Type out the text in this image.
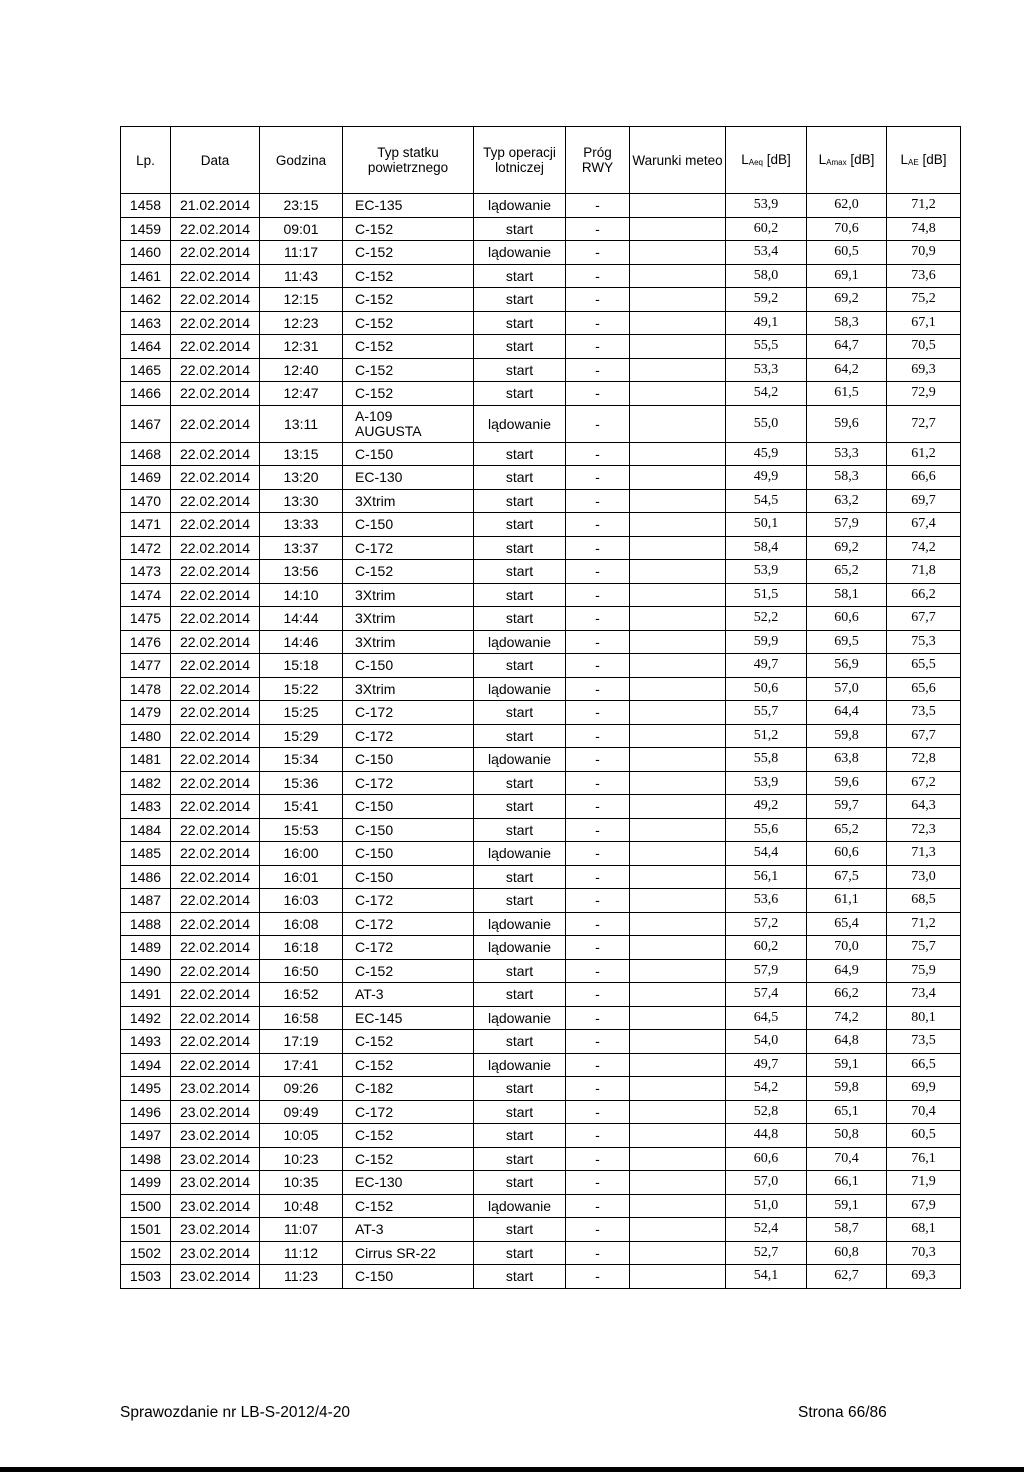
Lp.	Data	Godzina	Typ statku powietrznego	Typ operacji lotniczej	Próg RWY	Warunki meteo	$L_{Aeq}$ [dB]	$L_{Amax}$ [dB]	$L_{AE}$ [dB]
1458	21.02.2014	23:15	EC-135	lądowanie	-		53,9	62,0	71,2
1459	22.02.2014	09:01	C-152	start	-		60,2	70,6	74,8
1460	22.02.2014	11:17	C-152	lądowanie	-		53,4	60,5	70,9
1461	22.02.2014	11:43	C-152	start	-		58,0	69,1	73,6
1462	22.02.2014	12:15	C-152	start	-		59,2	69,2	75,2
1463	22.02.2014	12:23	C-152	start	-		49,1	58,3	67,1
1464	22.02.2014	12:31	C-152	start	-		55,5	64,7	70,5
1465	22.02.2014	12:40	C-152	start	-		53,3	64,2	69,3
1466	22.02.2014	12:47	C-152	start	-		54,2	61,5	72,9
1467	22.02.2014	13:11	A-109 AUGUSTA	lądowanie	-		55,0	59,6	72,7
1468	22.02.2014	13:15	C-150	start	-		45,9	53,3	61,2
1469	22.02.2014	13:20	EC-130	start	-		49,9	58,3	66,6
1470	22.02.2014	13:30	3Xtrim	start	-		54,5	63,2	69,7
1471	22.02.2014	13:33	C-150	start	-		50,1	57,9	67,4
1472	22.02.2014	13:37	C-172	start	-		58,4	69,2	74,2
1473	22.02.2014	13:56	C-152	start	-		53,9	65,2	71,8
1474	22.02.2014	14:10	3Xtrim	start	-		51,5	58,1	66,2
1475	22.02.2014	14:44	3Xtrim	start	-		52,2	60,6	67,7
1476	22.02.2014	14:46	3Xtrim	lądowanie	-		59,9	69,5	75,3
1477	22.02.2014	15:18	C-150	start	-		49,7	56,9	65,5
1478	22.02.2014	15:22	3Xtrim	lądowanie	-		50,6	57,0	65,6
1479	22.02.2014	15:25	C-172	start	-		55,7	64,4	73,5
1480	22.02.2014	15:29	C-172	start	-		51,2	59,8	67,7
1481	22.02.2014	15:34	C-150	lądowanie	-		55,8	63,8	72,8
1482	22.02.2014	15:36	C-172	start	-		53,9	59,6	67,2
1483	22.02.2014	15:41	C-150	start	-		49,2	59,7	64,3
1484	22.02.2014	15:53	C-150	start	-		55,6	65,2	72,3
1485	22.02.2014	16:00	C-150	lądowanie	-		54,4	60,6	71,3
1486	22.02.2014	16:01	C-150	start	-		56,1	67,5	73,0
1487	22.02.2014	16:03	C-172	start	-		53,6	61,1	68,5
1488	22.02.2014	16:08	C-172	lądowanie	-		57,2	65,4	71,2
1489	22.02.2014	16:18	C-172	lądowanie	-		60,2	70,0	75,7
1490	22.02.2014	16:50	C-152	start	-		57,9	64,9	75,9
1491	22.02.2014	16:52	AT-3	start	-		57,4	66,2	73,4
1492	22.02.2014	16:58	EC-145	lądowanie	-		64,5	74,2	80,1
1493	22.02.2014	17:19	C-152	start	-		54,0	64,8	73,5
1494	22.02.2014	17:41	C-152	lądowanie	-		49,7	59,1	66,5
1495	23.02.2014	09:26	C-182	start	-		54,2	59,8	69,9
1496	23.02.2014	09:49	C-172	start	-		52,8	65,1	70,4
1497	23.02.2014	10:05	C-152	start	-		44,8	50,8	60,5
1498	23.02.2014	10:23	C-152	start	-		60,6	70,4	76,1
1499	23.02.2014	10:35	EC-130	start	-		57,0	66,1	71,9
1500	23.02.2014	10:48	C-152	lądowanie	-		51,0	59,1	67,9
1501	23.02.2014	11:07	AT-3	start	-		52,4	58,7	68,1
1502	23.02.2014	11:12	Cirrus SR-22	start	-		52,7	60,8	70,3
1503	23.02.2014	11:23	C-150	start	-		54,1	62,7	69,3
Sprawozdanie nr LB-S-2012/4-20	Strona 66/86
